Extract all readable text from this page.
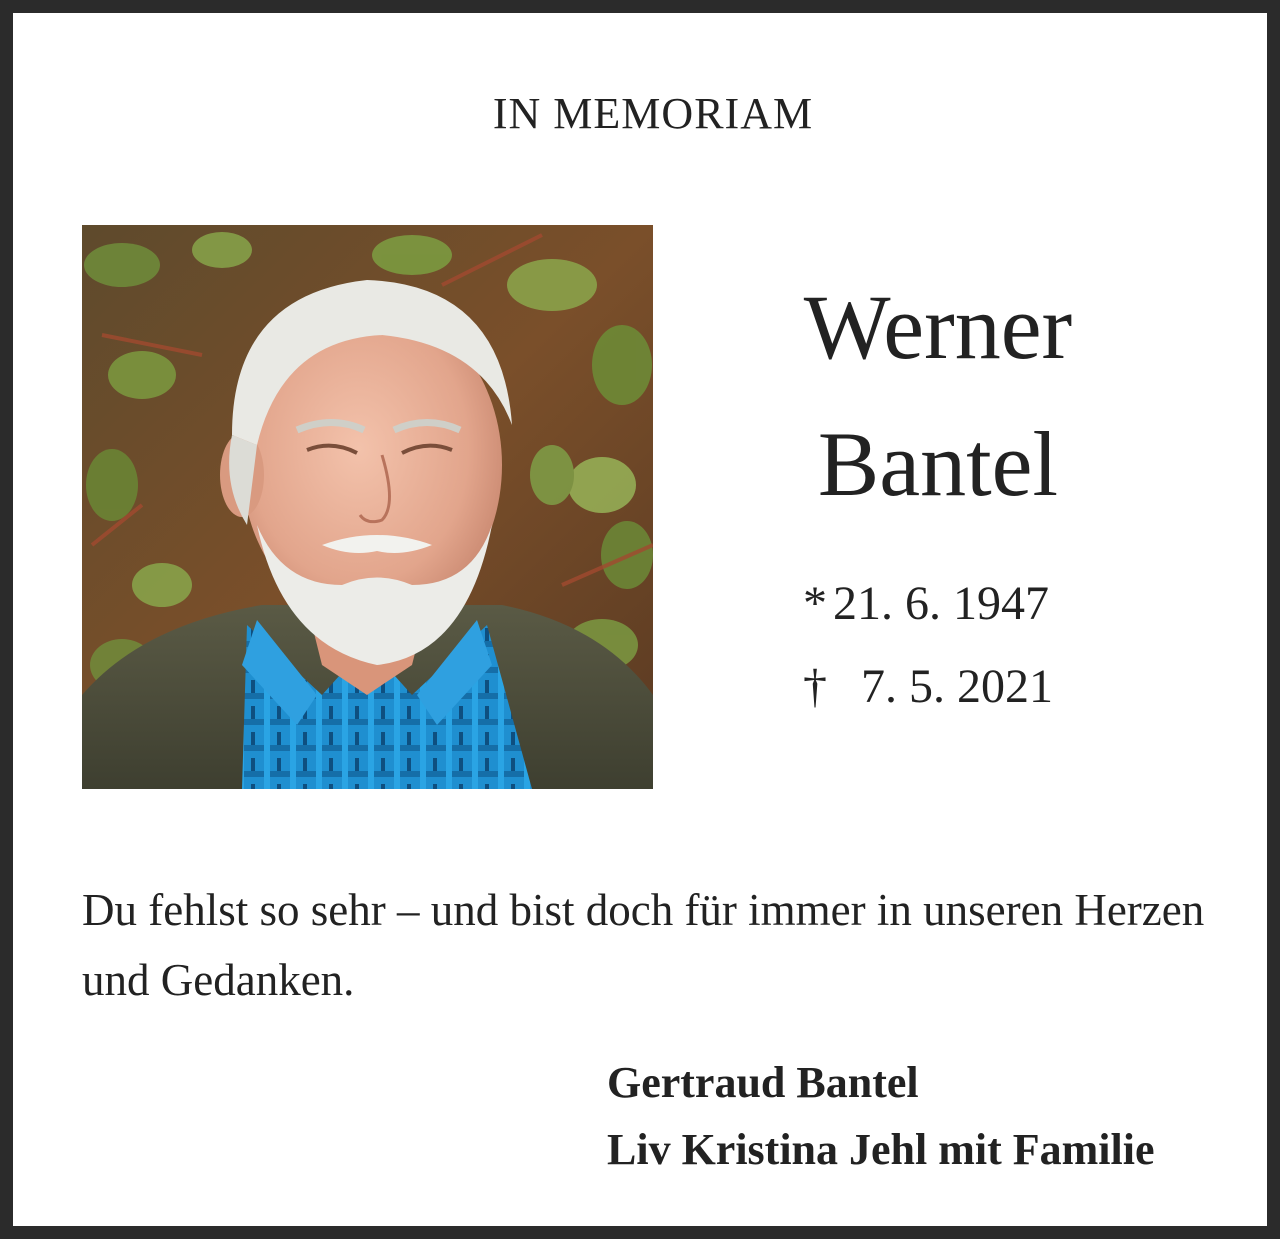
IN MEMORIAM
Werner
Bantel
* 21. 6. 1947
† 7. 5. 2021
Du fehlst so sehr – und bist doch für immer in unseren Herzen und Gedanken.
Gertraud Bantel
Liv Kristina Jehl mit Familie
